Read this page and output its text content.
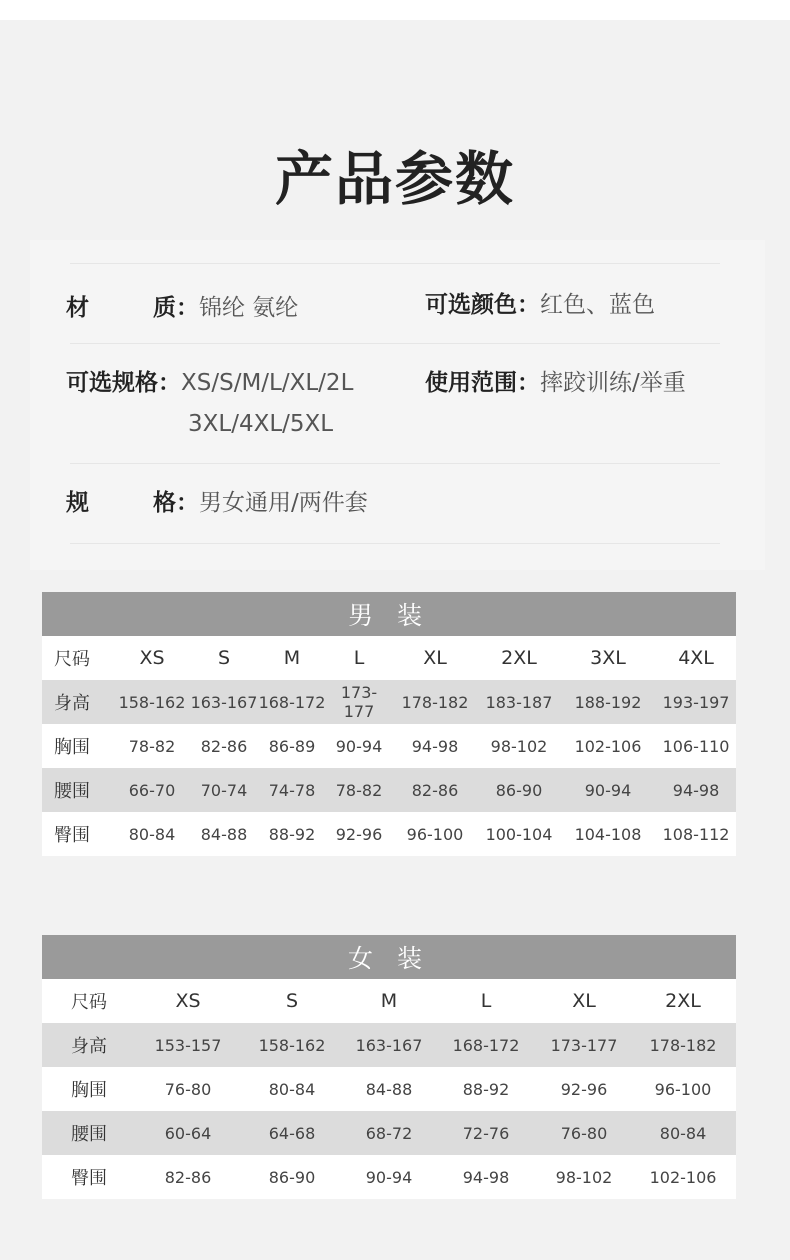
产品参数
材质：锦纶 氨纶	可选颜色：红色、蓝色
可选规格：XS/S/M/L/XL/2L
3XL/4XL/5XL
使用范围：摔跤训练/举重
规格：男女通用/两件套
男 装								
尺码	XS	S	M	L	XL	2XL	3XL	4XL
身高	158-162	163-167	168-172	173-177	178-182	183-187	188-192	193-197
胸围	78-82	82-86	86-89	90-94	94-98	98-102	102-106	106-110
腰围	66-70	70-74	74-78	78-82	82-86	86-90	90-94	94-98
臀围	80-84	84-88	88-92	92-96	96-100	100-104	104-108	108-112
女 装						
尺码	XS	S	M	L	XL	2XL
身高	153-157	158-162	163-167	168-172	173-177	178-182
胸围	76-80	80-84	84-88	88-92	92-96	96-100
腰围	60-64	64-68	68-72	72-76	76-80	80-84
臀围	82-86	86-90	90-94	94-98	98-102	102-106
